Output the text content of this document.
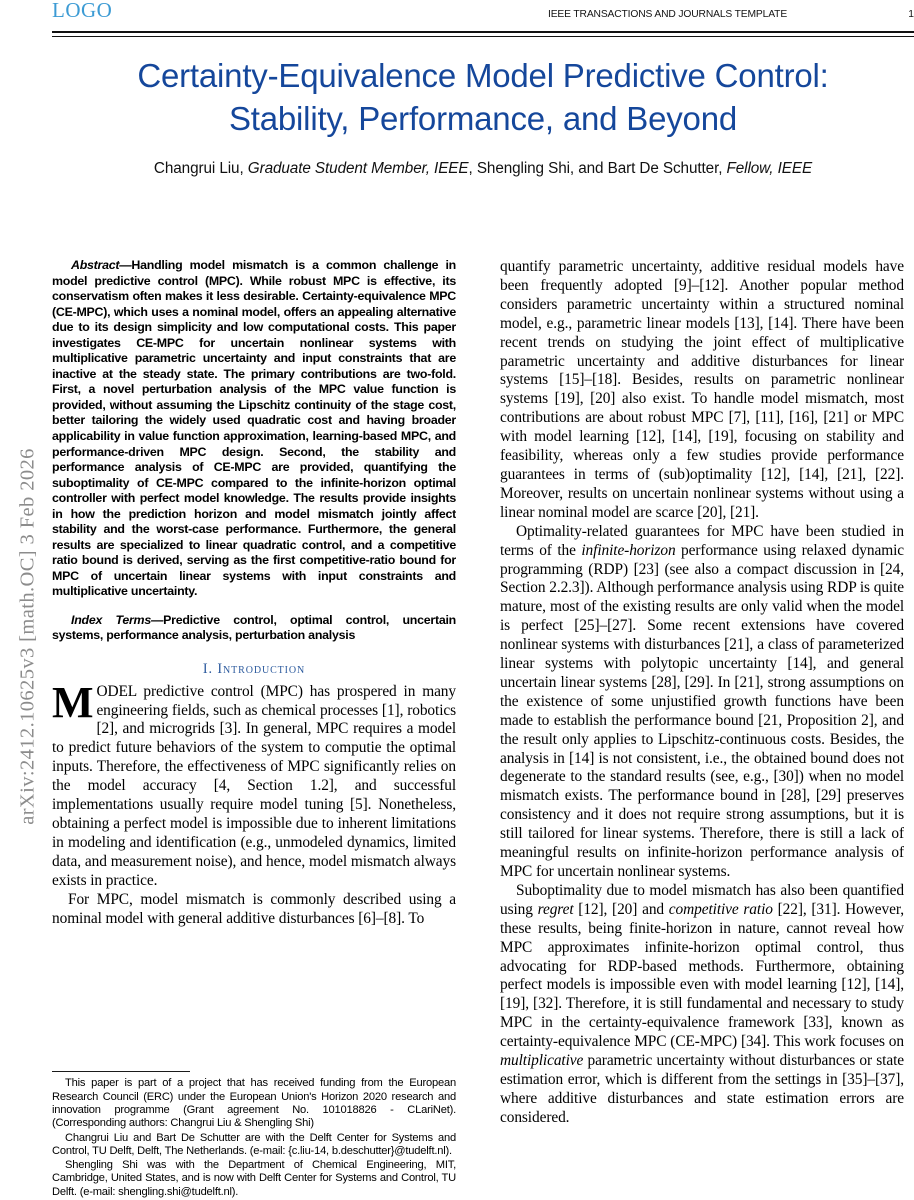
arXiv:2412.10625v3 [math.OC] 3 Feb 2026
LOGO	IEEE TRANSACTIONS AND JOURNALS TEMPLATE	1
Certainty-Equivalence Model Predictive Control:
Stability, Performance, and Beyond
Changrui Liu, Graduate Student Member, IEEE, Shengling Shi, and Bart De Schutter, Fellow, IEEE

Abstract—Handling model mismatch is a common challenge in model predictive control (MPC). While robust MPC is effective, its conservatism often makes it less desirable. Certainty-equivalence MPC (CE-MPC), which uses a nominal model, offers an appealing alternative due to its design simplicity and low computational costs. This paper investigates CE-MPC for uncertain nonlinear systems with multiplicative parametric uncertainty and input constraints that are inactive at the steady state. The primary contributions are two-fold. First, a novel perturbation analysis of the MPC value function is provided, without assuming the Lipschitz continuity of the stage cost, better tailoring the widely used quadratic cost and having broader applicability in value function approximation, learning-based MPC, and performance-driven MPC design. Second, the stability and performance analysis of CE-MPC are provided, quantifying the suboptimality of CE-MPC compared to the infinite-horizon optimal controller with perfect model knowledge. The results provide insights in how the prediction horizon and model mismatch jointly affect stability and the worst-case performance. Furthermore, the general results are specialized to linear quadratic control, and a competitive ratio bound is derived, serving as the first competitive-ratio bound for MPC of uncertain linear systems with input constraints and multiplicative uncertainty.

Index Terms—Predictive control, optimal control, uncertain systems, performance analysis, perturbation analysis

I. Introduction

MODEL predictive control (MPC) has prospered in many engineering fields, such as chemical processes [1], robotics [2], and microgrids [3]. In general, MPC requires a model to predict future behaviors of the system to computie the optimal inputs. Therefore, the effectiveness of MPC significantly relies on the model accuracy [4, Section 1.2], and successful implementations usually require model tuning [5]. Nonetheless, obtaining a perfect model is impossible due to inherent limitations in modeling and identification (e.g., unmodeled dynamics, limited data, and measurement noise), and hence, model mismatch always exists in practice.

For MPC, model mismatch is commonly described using a nominal model with general additive disturbances [6]–[8]. To

This paper is part of a project that has received funding from the European Research Council (ERC) under the European Union's Horizon 2020 research and innovation programme (Grant agreement No. 101018826 - CLariNet). (Corresponding authors: Changrui Liu & Shengling Shi)

Changrui Liu and Bart De Schutter are with the Delft Center for Systems and Control, TU Delft, Delft, The Netherlands. (e-mail: {c.liu-14, b.deschutter}@tudelft.nl).

Shengling Shi was with the Department of Chemical Engineering, MIT, Cambridge, United States, and is now with Delft Center for Systems and Control, TU Delft. (e-mail: shengling.shi@tudelft.nl).

quantify parametric uncertainty, additive residual models have been frequently adopted [9]–[12]. Another popular method considers parametric uncertainty within a structured nominal model, e.g., parametric linear models [13], [14]. There have been recent trends on studying the joint effect of multiplicative parametric uncertainty and additive disturbances for linear systems [15]–[18]. Besides, results on parametric nonlinear systems [19], [20] also exist. To handle model mismatch, most contributions are about robust MPC [7], [11], [16], [21] or MPC with model learning [12], [14], [19], focusing on stability and feasibility, whereas only a few studies provide performance guarantees in terms of (sub)optimality [12], [14], [21], [22]. Moreover, results on uncertain nonlinear systems without using a linear nominal model are scarce [20], [21].

Optimality-related guarantees for MPC have been studied in terms of the infinite-horizon performance using relaxed dynamic programming (RDP) [23] (see also a compact discussion in [24, Section 2.2.3]). Although performance analysis using RDP is quite mature, most of the existing results are only valid when the model is perfect [25]–[27]. Some recent extensions have covered nonlinear systems with disturbances [21], a class of parameterized linear systems with polytopic uncertainty [14], and general uncertain linear systems [28], [29]. In [21], strong assumptions on the existence of some unjustified growth functions have been made to establish the performance bound [21, Proposition 2], and the result only applies to Lipschitz-continuous costs. Besides, the analysis in [14] is not consistent, i.e., the obtained bound does not degenerate to the standard results (see, e.g., [30]) when no model mismatch exists. The performance bound in [28], [29] preserves consistency and it does not require strong assumptions, but it is still tailored for linear systems. Therefore, there is still a lack of meaningful results on infinite-horizon performance analysis of MPC for uncertain nonlinear systems.

Suboptimality due to model mismatch has also been quantified using regret [12], [20] and competitive ratio [22], [31]. However, these results, being finite-horizon in nature, cannot reveal how MPC approximates infinite-horizon optimal control, thus advocating for RDP-based methods. Furthermore, obtaining perfect models is impossible even with model learning [12], [14], [19], [32]. Therefore, it is still fundamental and necessary to study MPC in the certainty-equivalence framework [33], known as certainty-equivalence MPC (CE-MPC) [34]. This work focuses on multiplicative parametric uncertainty without disturbances or state estimation error, which is different from the settings in [35]–[37], where additive disturbances and state estimation errors are considered.
